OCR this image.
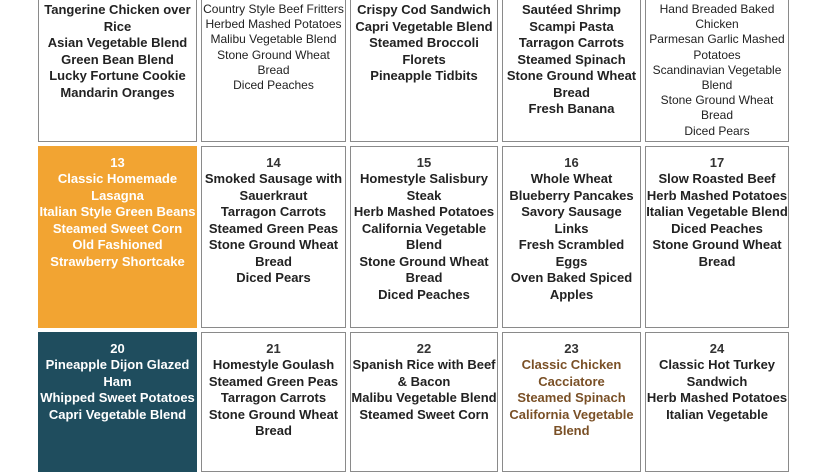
Tangerine Chicken over Rice
Asian Vegetable Blend
Green Bean Blend
Lucky Fortune Cookie
Mandarin Oranges
Country Style Beef Fritters
Herbed Mashed Potatoes
Malibu Vegetable Blend
Stone Ground Wheat Bread
Diced Peaches
Crispy Cod Sandwich
Capri Vegetable Blend
Steamed Broccoli Florets
Pineapple Tidbits
Sautéed Shrimp
Scampi Pasta
Tarragon Carrots
Steamed Spinach
Stone Ground Wheat Bread
Fresh Banana
Hand Breaded Baked Chicken
Parmesan Garlic Mashed Potatoes
Scandinavian Vegetable Blend
Stone Ground Wheat Bread
Diced Pears
13
Classic Homemade Lasagna
Italian Style Green Beans
Steamed Sweet Corn
Old Fashioned Strawberry Shortcake
14
Smoked Sausage with Sauerkraut
Tarragon Carrots
Steamed Green Peas
Stone Ground Wheat Bread
Diced Pears
15
Homestyle Salisbury Steak
Herb Mashed Potatoes
California Vegetable Blend
Stone Ground Wheat Bread
Diced Peaches
16
Whole Wheat Blueberry Pancakes
Savory Sausage Links
Fresh Scrambled Eggs
Oven Baked Spiced Apples
17
Slow Roasted Beef
Herb Mashed Potatoes
Italian Vegetable Blend
Diced Peaches
Stone Ground Wheat Bread
20
Pineapple Dijon Glazed Ham
Whipped Sweet Potatoes
Capri Vegetable Blend
21
Homestyle Goulash
Steamed Green Peas
Tarragon Carrots
Stone Ground Wheat Bread
22
Spanish Rice with Beef & Bacon
Malibu Vegetable Blend
Steamed Sweet Corn
23
Classic Chicken Cacciatore
Steamed Spinach
California Vegetable Blend
24
Classic Hot Turkey Sandwich
Herb Mashed Potatoes
Italian Vegetable
